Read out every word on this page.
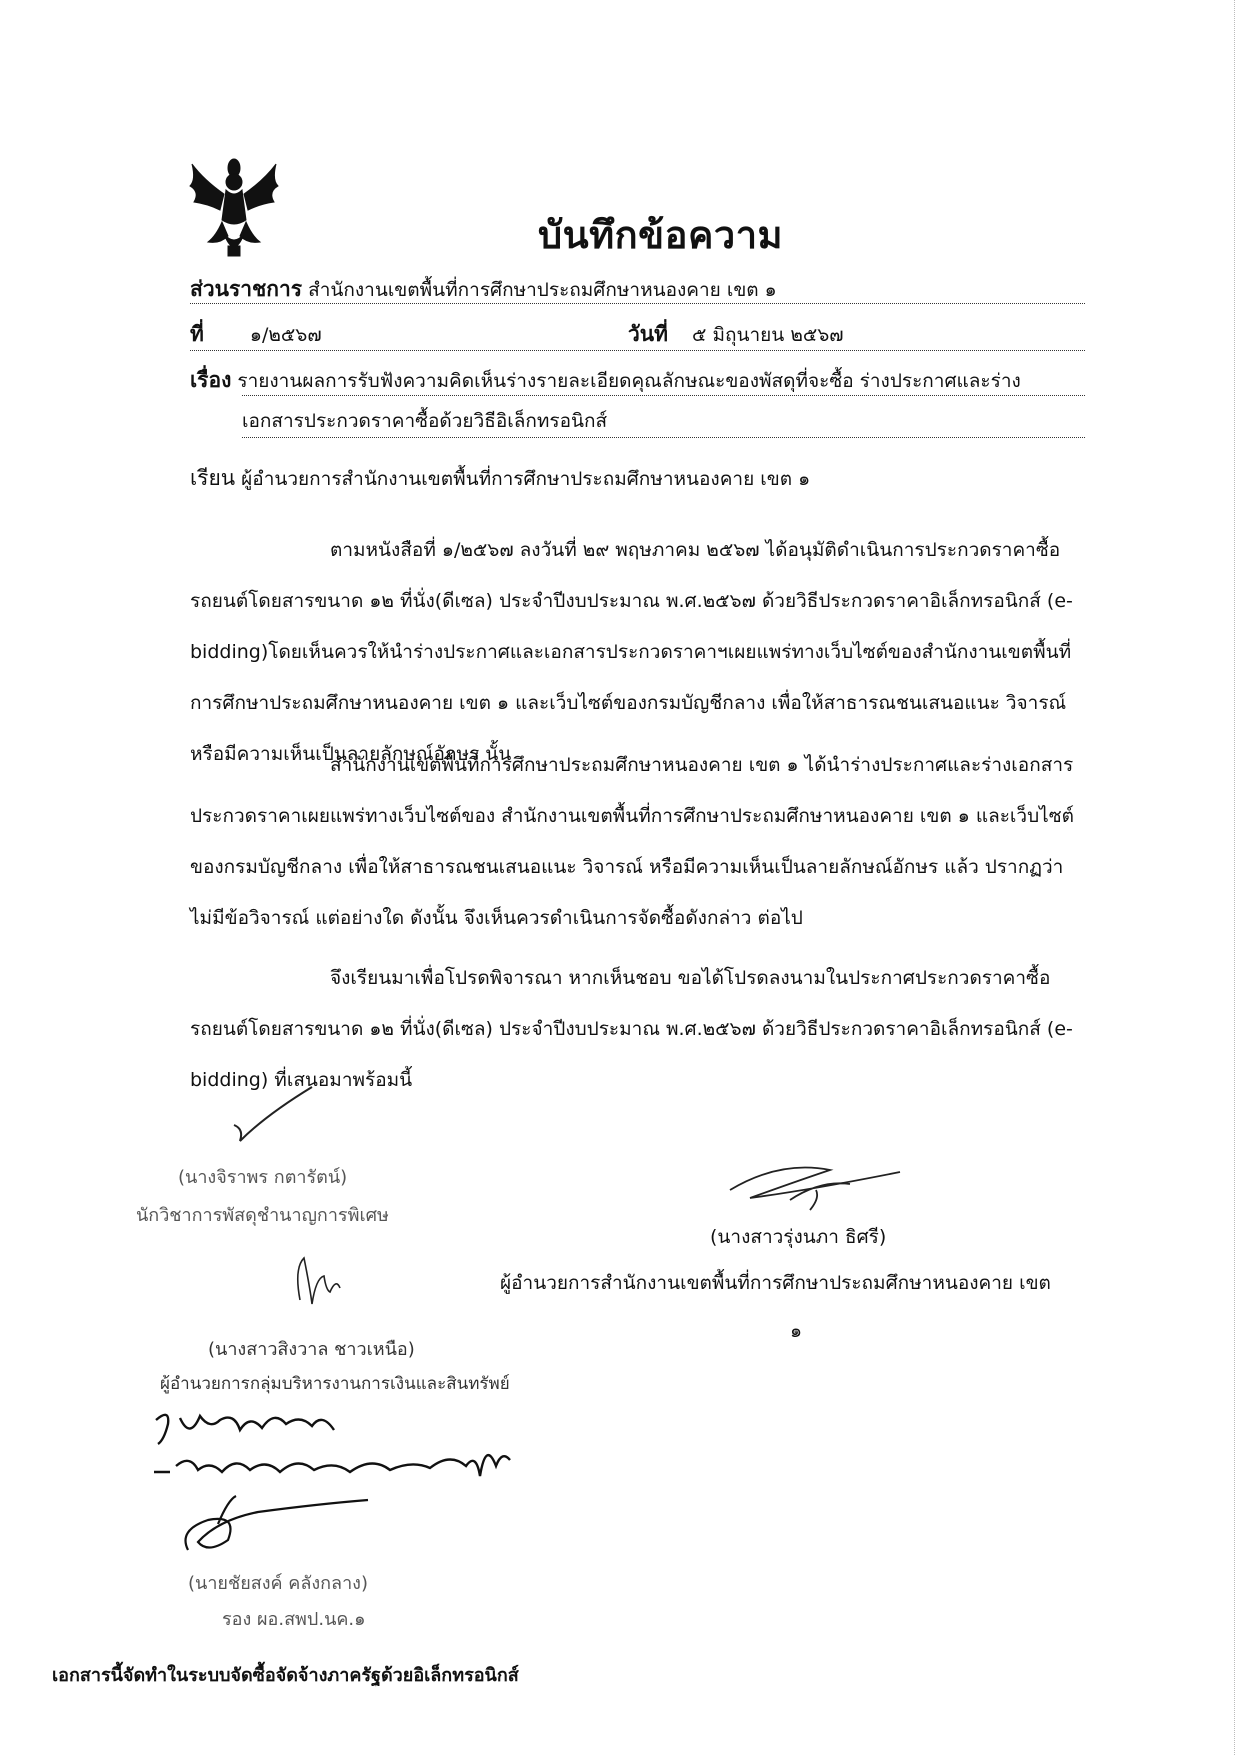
บันทึกข้อความ
ส่วนราชการ สำนักงานเขตพื้นที่การศึกษาประถมศึกษาหนองคาย เขต ๑
ที่ ๑/๒๕๖๗	วันที่ ๕ มิถุนายน ๒๕๖๗
เรื่อง รายงานผลการรับฟังความคิดเห็นร่างรายละเอียดคุณลักษณะของพัสดุที่จะซื้อ ร่างประกาศและร่าง
เอกสารประกวดราคาซื้อด้วยวิธีอิเล็กทรอนิกส์
เรียน ผู้อำนวยการสำนักงานเขตพื้นที่การศึกษาประถมศึกษาหนองคาย เขต ๑

ตามหนังสือที่ ๑/๒๕๖๗ ลงวันที่ ๒๙ พฤษภาคม ๒๕๖๗ ได้อนุมัติดำเนินการประกวดราคาซื้อรถยนต์โดยสารขนาด ๑๒ ที่นั่ง(ดีเซล) ประจำปีงบประมาณ พ.ศ.๒๕๖๗ ด้วยวิธีประกวดราคาอิเล็กทรอนิกส์ (e-bidding)โดยเห็นควรให้นำร่างประกาศและเอกสารประกวดราคาฯเผยแพร่ทางเว็บไซต์ของสำนักงานเขตพื้นที่การศึกษาประถมศึกษาหนองคาย เขต ๑ และเว็บไซต์ของกรมบัญชีกลาง เพื่อให้สาธารณชนเสนอแนะ วิจารณ์ หรือมีความเห็นเป็นลายลักษณ์อักษร นั้น

สำนักงานเขตพื้นที่การศึกษาประถมศึกษาหนองคาย เขต ๑ ได้นำร่างประกาศและร่างเอกสารประกวดราคาเผยแพร่ทางเว็บไซต์ของ สำนักงานเขตพื้นที่การศึกษาประถมศึกษาหนองคาย เขต ๑ และเว็บไซต์ของกรมบัญชีกลาง เพื่อให้สาธารณชนเสนอแนะ วิจารณ์ หรือมีความเห็นเป็นลายลักษณ์อักษร แล้ว ปรากฏว่าไม่มีข้อวิจารณ์ แต่อย่างใด ดังนั้น จึงเห็นควรดำเนินการจัดซื้อดังกล่าว ต่อไป

จึงเรียนมาเพื่อโปรดพิจารณา หากเห็นชอบ ขอได้โปรดลงนามในประกาศประกวดราคาซื้อรถยนต์โดยสารขนาด ๑๒ ที่นั่ง(ดีเซล) ประจำปีงบประมาณ พ.ศ.๒๕๖๗ ด้วยวิธีประกวดราคาอิเล็กทรอนิกส์ (e-bidding) ที่เสนอมาพร้อมนี้

(นางจิราพร กตารัตน์)
นักวิชาการพัสดุชำนาญการพิเศษ
(นางสาวรุ่งนภา ธิศรี)
ผู้อำนวยการสำนักงานเขตพื้นที่การศึกษาประถมศึกษาหนองคาย เขต
๑
(นางสาวสิงวาล ชาวเหนือ)
ผู้อำนวยการกลุ่มบริหารงานการเงินและสินทรัพย์
(นายชัยสงค์ คลังกลาง)
รอง ผอ.สพป.นค.๑
เอกสารนี้จัดทำในระบบจัดซื้อจัดจ้างภาครัฐด้วยอิเล็กทรอนิกส์
